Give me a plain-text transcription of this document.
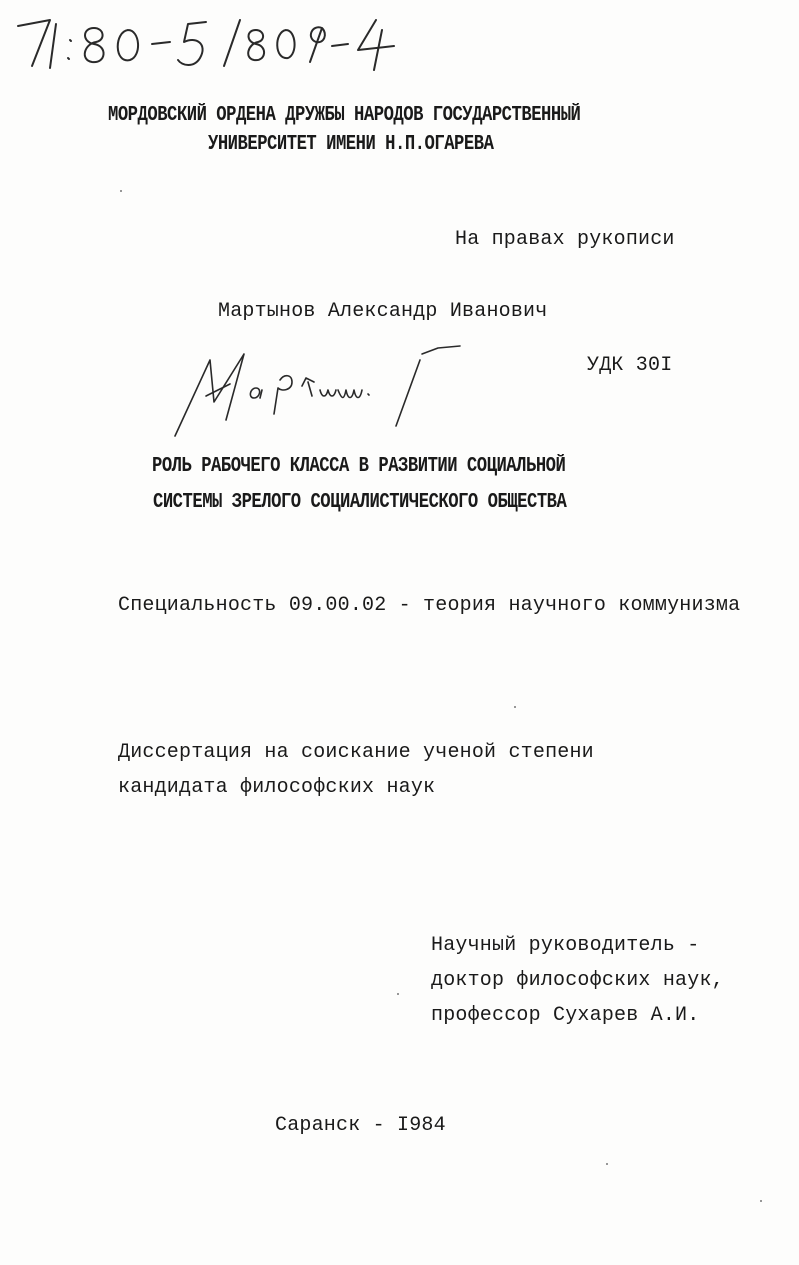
МОРДОВСКИЙ ОРДЕНА ДРУЖБЫ НАРОДОВ ГОСУДАРСТВЕННЫЙ
УНИВЕРСИТЕТ ИМЕНИ Н.П.ОГАРЕВА
На правах рукописи
Мартынов Александр Иванович
УДК 30I
РОЛЬ РАБОЧЕГО КЛАССА В РАЗВИТИИ СОЦИАЛЬНОЙ
СИСТЕМЫ ЗРЕЛОГО СОЦИАЛИСТИЧЕСКОГО ОБЩЕСТВА
Специальность 09.00.02 - теория научного коммунизма
Диссертация на соискание ученой степени
кандидата философских наук
Научный руководитель -
доктор философских наук,
профессор Сухарев А.И.
Саранск - I984
